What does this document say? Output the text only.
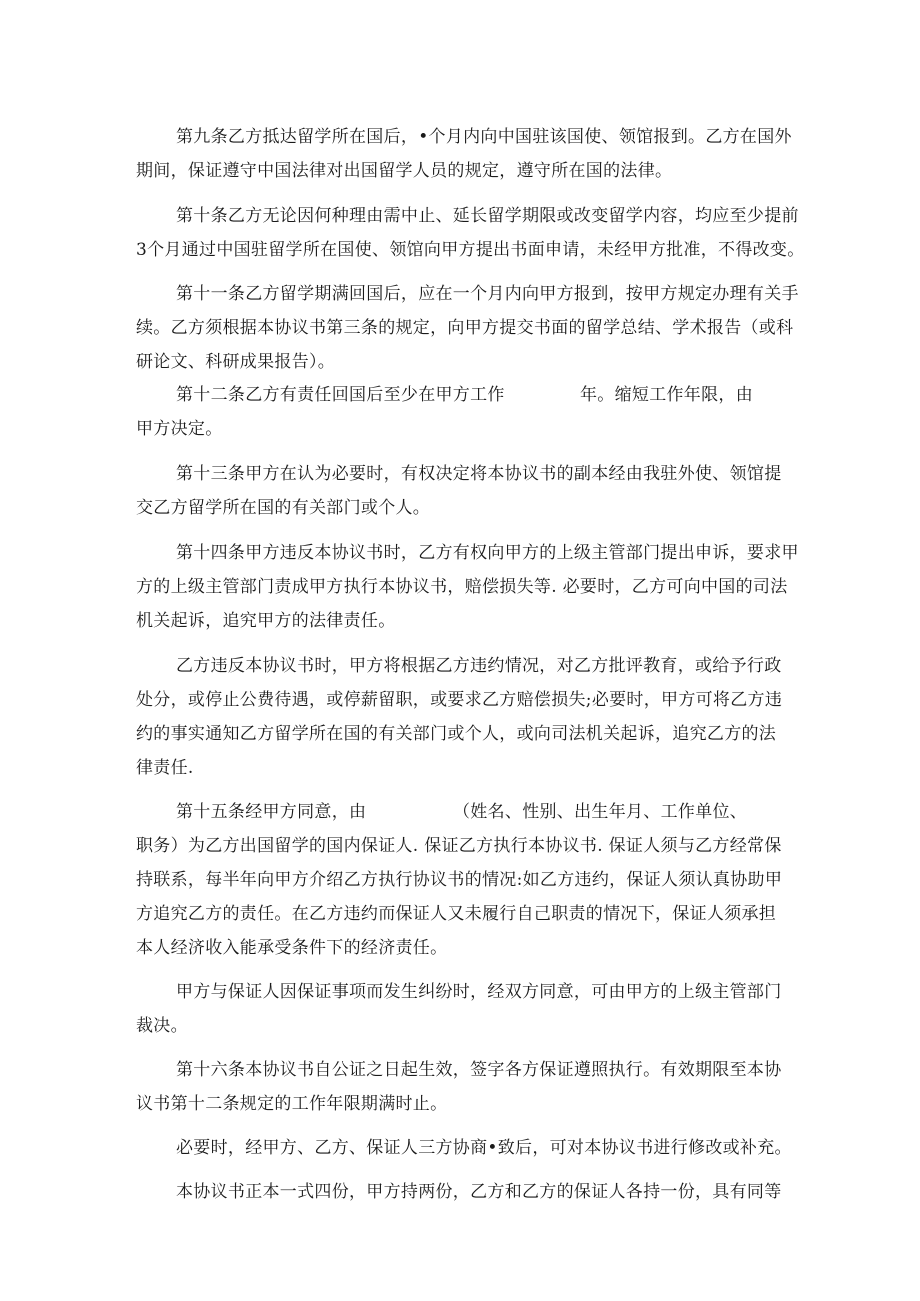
第九条乙方抵达留学所在国后，•个月内向中国驻该国使、领馆报到。乙方在国外
期间，保证遵守中国法律对出国留学人员的规定，遵守所在国的法律。
第十条乙方无论因何种理由需中止、延长留学期限或改变留学内容，均应至少提前
3个月通过中国驻留学所在国使、领馆向甲方提出书面申请，未经甲方批准，不得改变。
第十一条乙方留学期满回国后，应在一个月内向甲方报到，按甲方规定办理有关手
续。乙方须根据本协议书第三条的规定，向甲方提交书面的留学总结、学术报告（或科
研论文、科研成果报告）。
第十二条乙方有责任回国后至少在甲方工作	年。缩短工作年限，由
甲方决定。
第十三条甲方在认为必要时，有权决定将本协议书的副本经由我驻外使、领馆提
交乙方留学所在国的有关部门或个人。
第十四条甲方违反本协议书时，乙方有权向甲方的上级主管部门提出申诉，要求甲
方的上级主管部门责成甲方执行本协议书，赔偿损失等. 必要时，乙方可向中国的司法
机关起诉，追究甲方的法律责任。
乙方违反本协议书时，甲方将根据乙方违约情况，对乙方批评教育，或给予行政
处分，或停止公费待遇，或停薪留职，或要求乙方赔偿损失;必要时，甲方可将乙方违
约的事实通知乙方留学所在国的有关部门或个人，或向司法机关起诉，追究乙方的法
律责任.
第十五条经甲方同意，由	（姓名、性别、出生年月、工作单位、
职务）为乙方出国留学的国内保证人. 保证乙方执行本协议书. 保证人须与乙方经常保
持联系，每半年向甲方介绍乙方执行协议书的情况:如乙方违约，保证人须认真协助甲
方追究乙方的责任。在乙方违约而保证人又未履行自己职责的情况下，保证人须承担
本人经济收入能承受条件下的经济责任。
甲方与保证人因保证事项而发生纠纷时，经双方同意，可由甲方的上级主管部门
裁决。
第十六条本协议书自公证之日起生效，签字各方保证遵照执行。有效期限至本协
议书第十二条规定的工作年限期满时止。
必要时，经甲方、乙方、保证人三方协商•致后，可对本协议书进行修改或补充。
本协议书正本一式四份，甲方持两份，乙方和乙方的保证人各持一份，具有同等
